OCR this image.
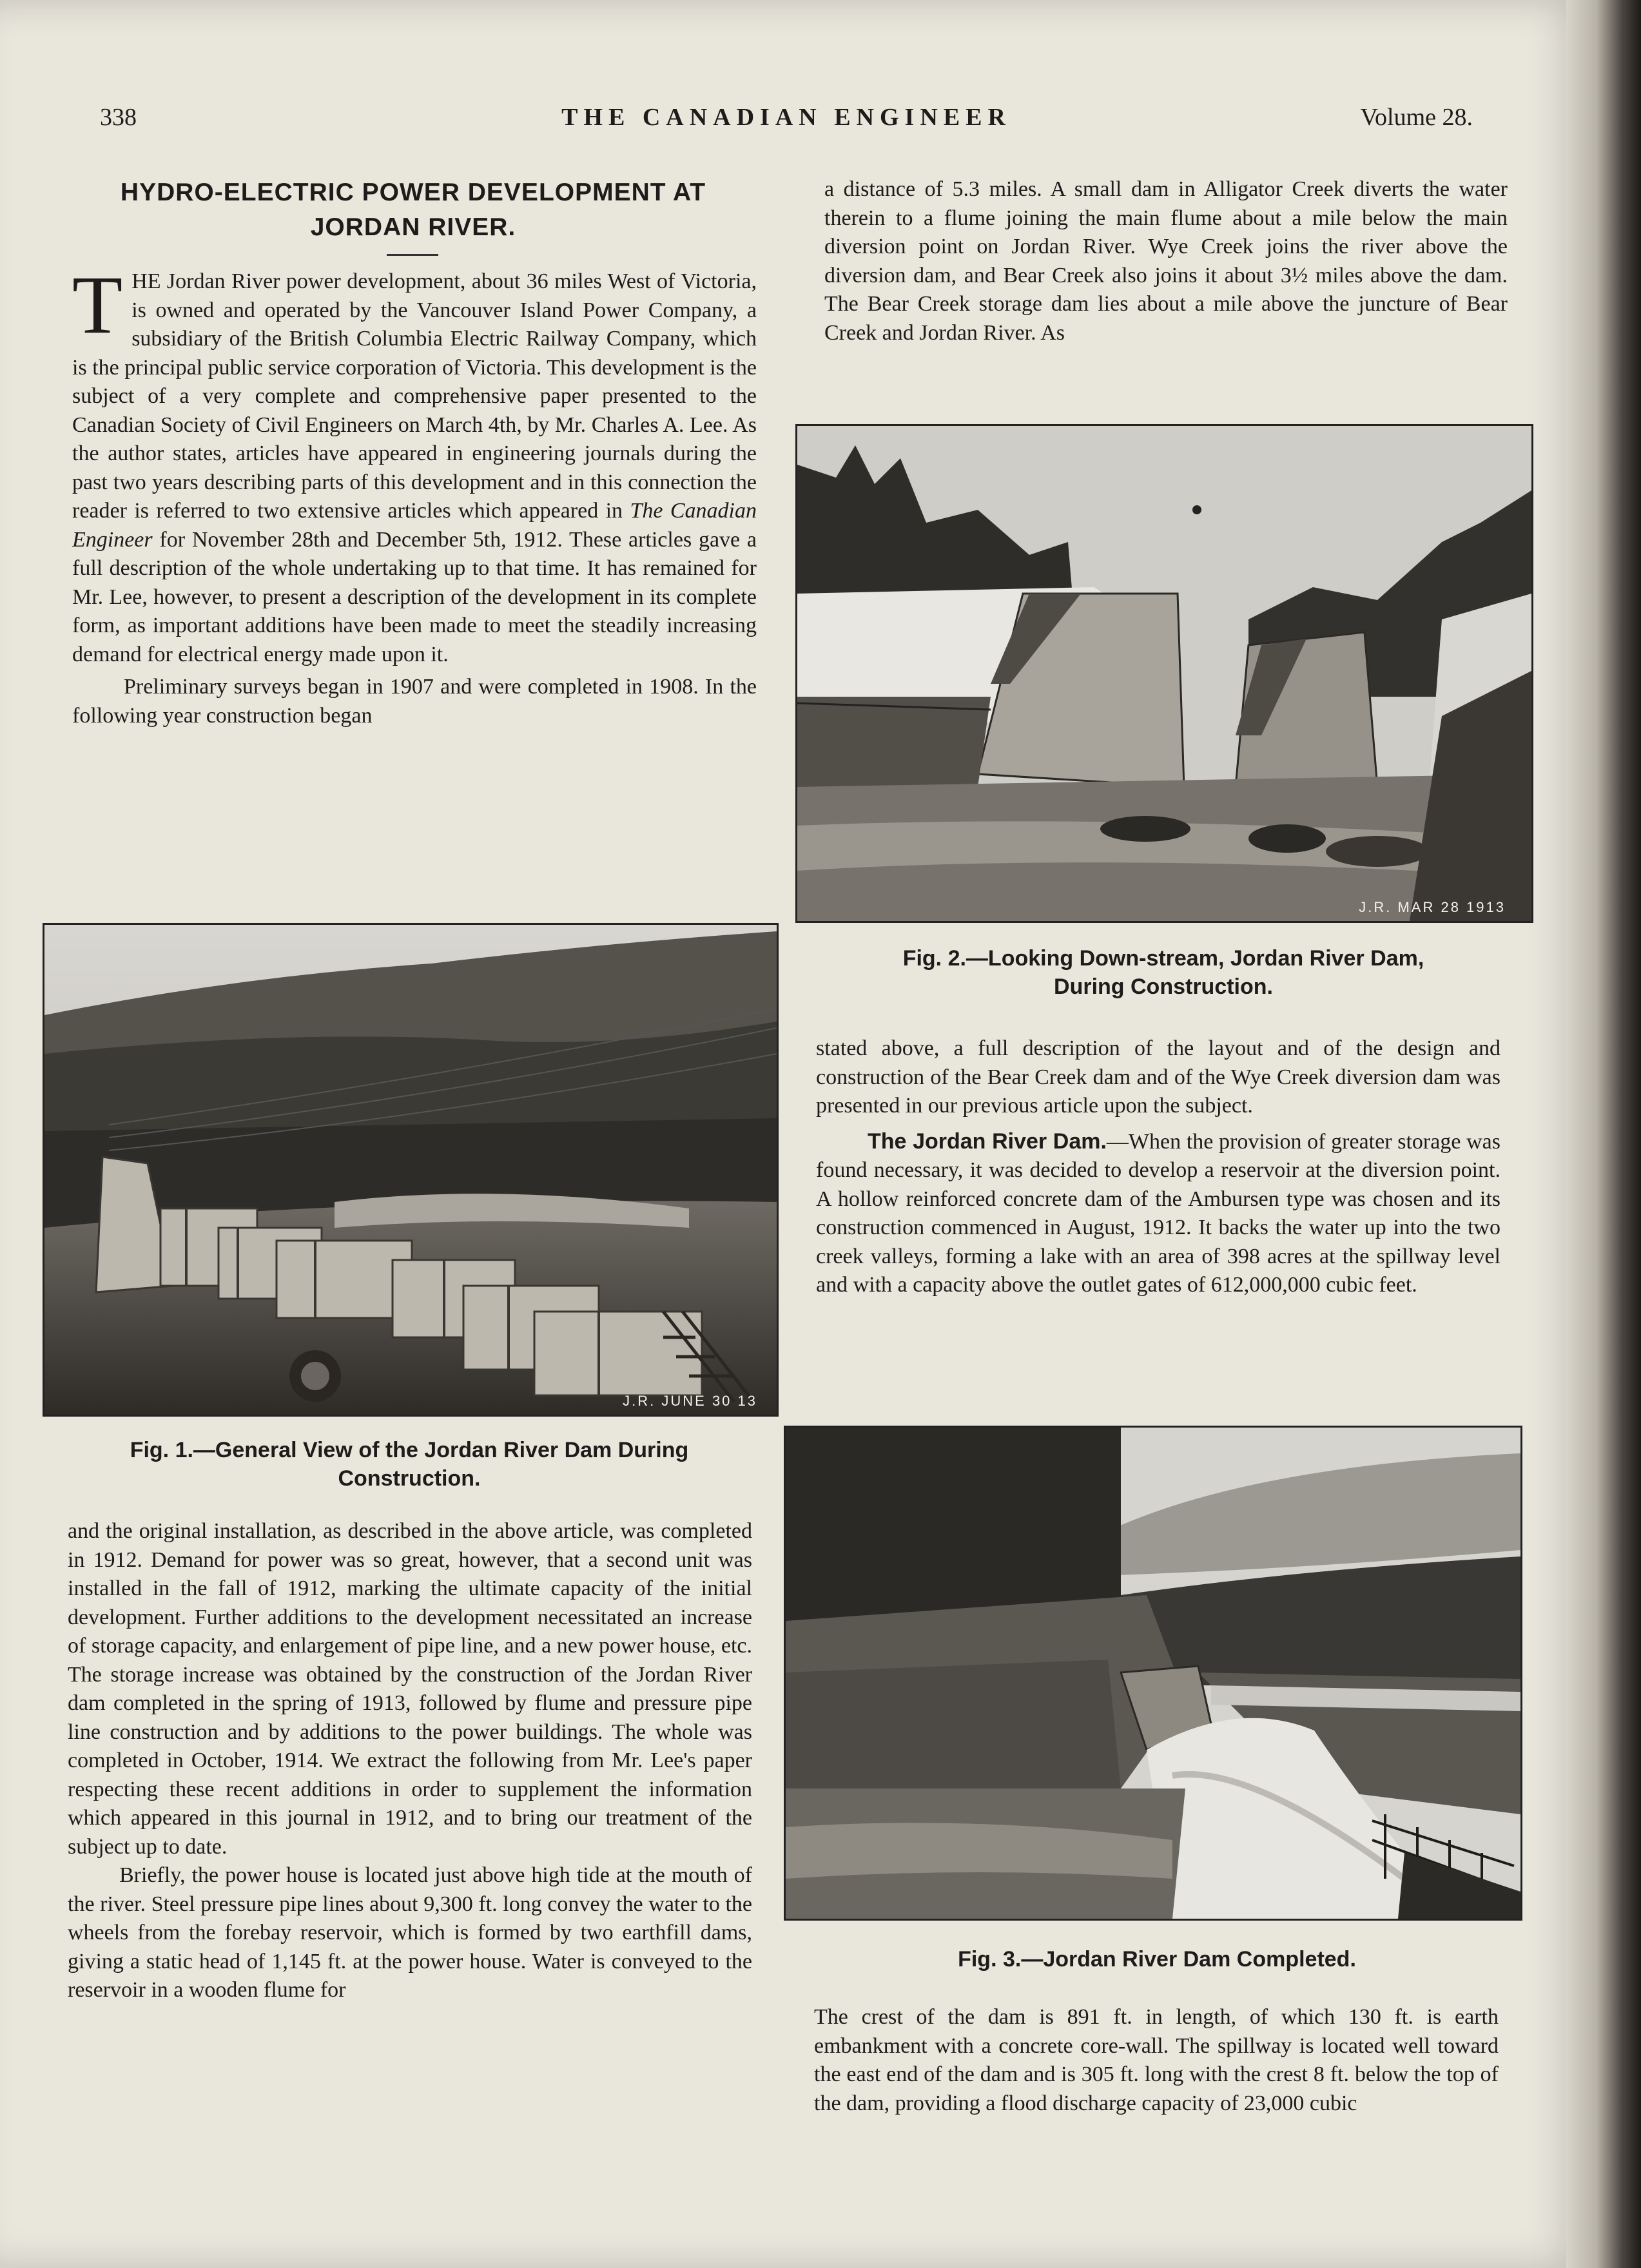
338	THE CANADIAN ENGINEER	Volume 28.
HYDRO-ELECTRIC POWER DEVELOPMENT AT
JORDAN RIVER.

THE Jordan River power development, about 36 miles West of Victoria, is owned and operated by the Vancouver Island Power Company, a subsidiary of the British Columbia Electric Railway Company, which is the principal public service corporation of Victoria. This development is the subject of a very complete and comprehensive paper presented to the Canadian Society of Civil Engineers on March 4th, by Mr. Charles A. Lee. As the author states, articles have appeared in engineering journals during the past two years describing parts of this development and in this connection the reader is referred to two extensive articles which appeared in The Canadian Engineer for November 28th and December 5th, 1912. These articles gave a full description of the whole undertaking up to that time. It has remained for Mr. Lee, however, to present a description of the development in its complete form, as important additions have been made to meet the steadily increasing demand for electrical energy made upon it.

Preliminary surveys began in 1907 and were completed in 1908. In the following year construction began

J.R. JUNE 30 13
Fig. 1.—General View of the Jordan River Dam During Construction.

and the original installation, as described in the above article, was completed in 1912. Demand for power was so great, however, that a second unit was installed in the fall of 1912, marking the ultimate capacity of the initial development. Further additions to the development necessitated an increase of storage capacity, and enlargement of pipe line, and a new power house, etc. The storage increase was obtained by the construction of the Jordan River dam completed in the spring of 1913, followed by flume and pressure pipe line construction and by additions to the power buildings. The whole was completed in October, 1914. We extract the following from Mr. Lee's paper respecting these recent additions in order to supplement the information which appeared in this journal in 1912, and to bring our treatment of the subject up to date.

Briefly, the power house is located just above high tide at the mouth of the river. Steel pressure pipe lines about 9,300 ft. long convey the water to the wheels from the forebay reservoir, which is formed by two earthfill dams, giving a static head of 1,145 ft. at the power house. Water is conveyed to the reservoir in a wooden flume for

a distance of 5.3 miles. A small dam in Alligator Creek diverts the water therein to a flume joining the main flume about a mile below the main diversion point on Jordan River. Wye Creek joins the river above the diversion dam, and Bear Creek also joins it about 3½ miles above the dam. The Bear Creek storage dam lies about a mile above the juncture of Bear Creek and Jordan River. As

J.R. MAR 28 1913
Fig. 2.—Looking Down-stream, Jordan River Dam,
During Construction.

stated above, a full description of the layout and of the design and construction of the Bear Creek dam and of the Wye Creek diversion dam was presented in our previous article upon the subject.

The Jordan River Dam.—When the provision of greater storage was found necessary, it was decided to develop a reservoir at the diversion point. A hollow reinforced concrete dam of the Ambursen type was chosen and its construction commenced in August, 1912. It backs the water up into the two creek valleys, forming a lake with an area of 398 acres at the spillway level and with a capacity above the outlet gates of 612,000,000 cubic feet.

Fig. 3.—Jordan River Dam Completed.

The crest of the dam is 891 ft. in length, of which 130 ft. is earth embankment with a concrete core-wall. The spillway is located well toward the east end of the dam and is 305 ft. long with the crest 8 ft. below the top of the dam, providing a flood discharge capacity of 23,000 cubic
